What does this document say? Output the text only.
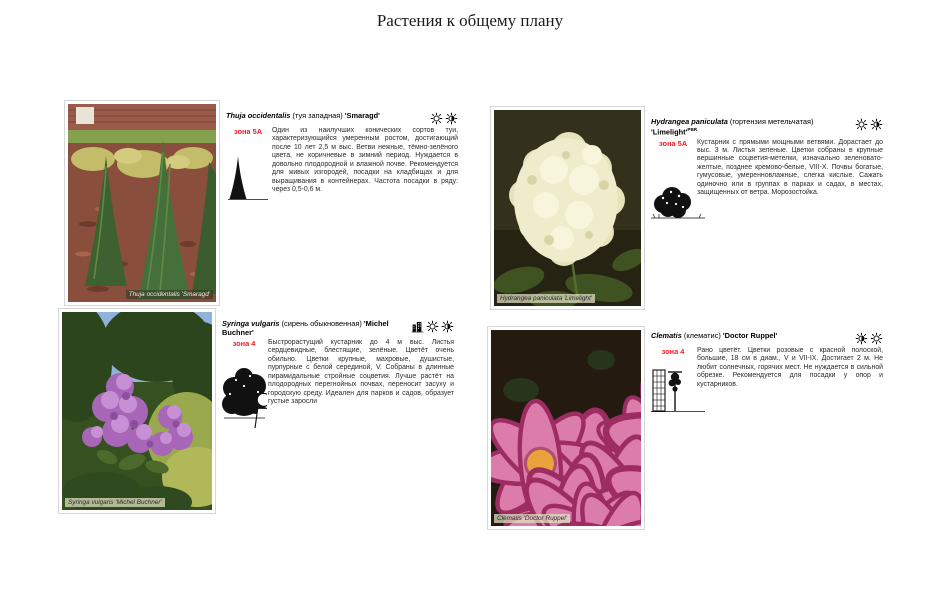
Растения к общему плану
Thuja occidentalis 'Smaragd'
Thuja occidentalis (туя западная) 'Smaragd'
зона 5А	Один из наилучших конических сортов туи, характеризующийся умеренным ростом, достигающий после 10 лет 2,5 м выс. Ветви нежные, тёмно-зелёного цвета, не коричневые в зимний период. Нуждается в довольно плодородной и влажной почве. Рекомендуется для живых изгородей, посадки на кладбищах и для выращивания в контейнерах. Частота посадки в ряду: через 0,5-0,6 м.
Hydrangea paniculata 'Limelight'
Hydrangea paniculata (гортензия метельчатая) '$Limelight'^{PBR}$
зона 5А	Кустарник с прямыми мощными ветвями. Дорастает до выс. 3 м. Листья зеленые. Цветки собраны в крупные вершинные соцветия-метелки, изначально зеленовато-желтые, позднее кремово-белые, VIII-X. Почвы богатые, гумусовые, умеренновлажные, слегка кислые. Сажать одиночно или в группах в парках и садах, в местах, защищенных от ветра. Морозостойка.
Syringa vulgaris 'Michel Buchner'
Syringa vulgaris (сирень обыкновенная) 'Michel Buchner'
зона 4	Быстрорастущий кустарник до 4 м выс. Листья сердцевидные, блестящие, зелёные. Цветёт очень обильно. Цветки крупные, махровые, душистые, пурпурные с белой серединой, V. Собраны в длинные пирамидальные стройные соцветия. Лучше растёт на плодородных перегнойных почвах, переносит засуху и городскую среду. Идеален для парков и садов, образует густые заросли
Clematis 'Doctor Ruppel'
Clematis (клематис) 'Doctor Ruppel'
зона 4	Рано цветёт. Цветки розовые с красной полоской, большие, 18 см в диам., V и VII-IX. Достигает 2 м. Не любит солнечных, горячих мест. Не нуждается в сильной обрезке. Рекомендуется для посадки у опор и кустарников.
